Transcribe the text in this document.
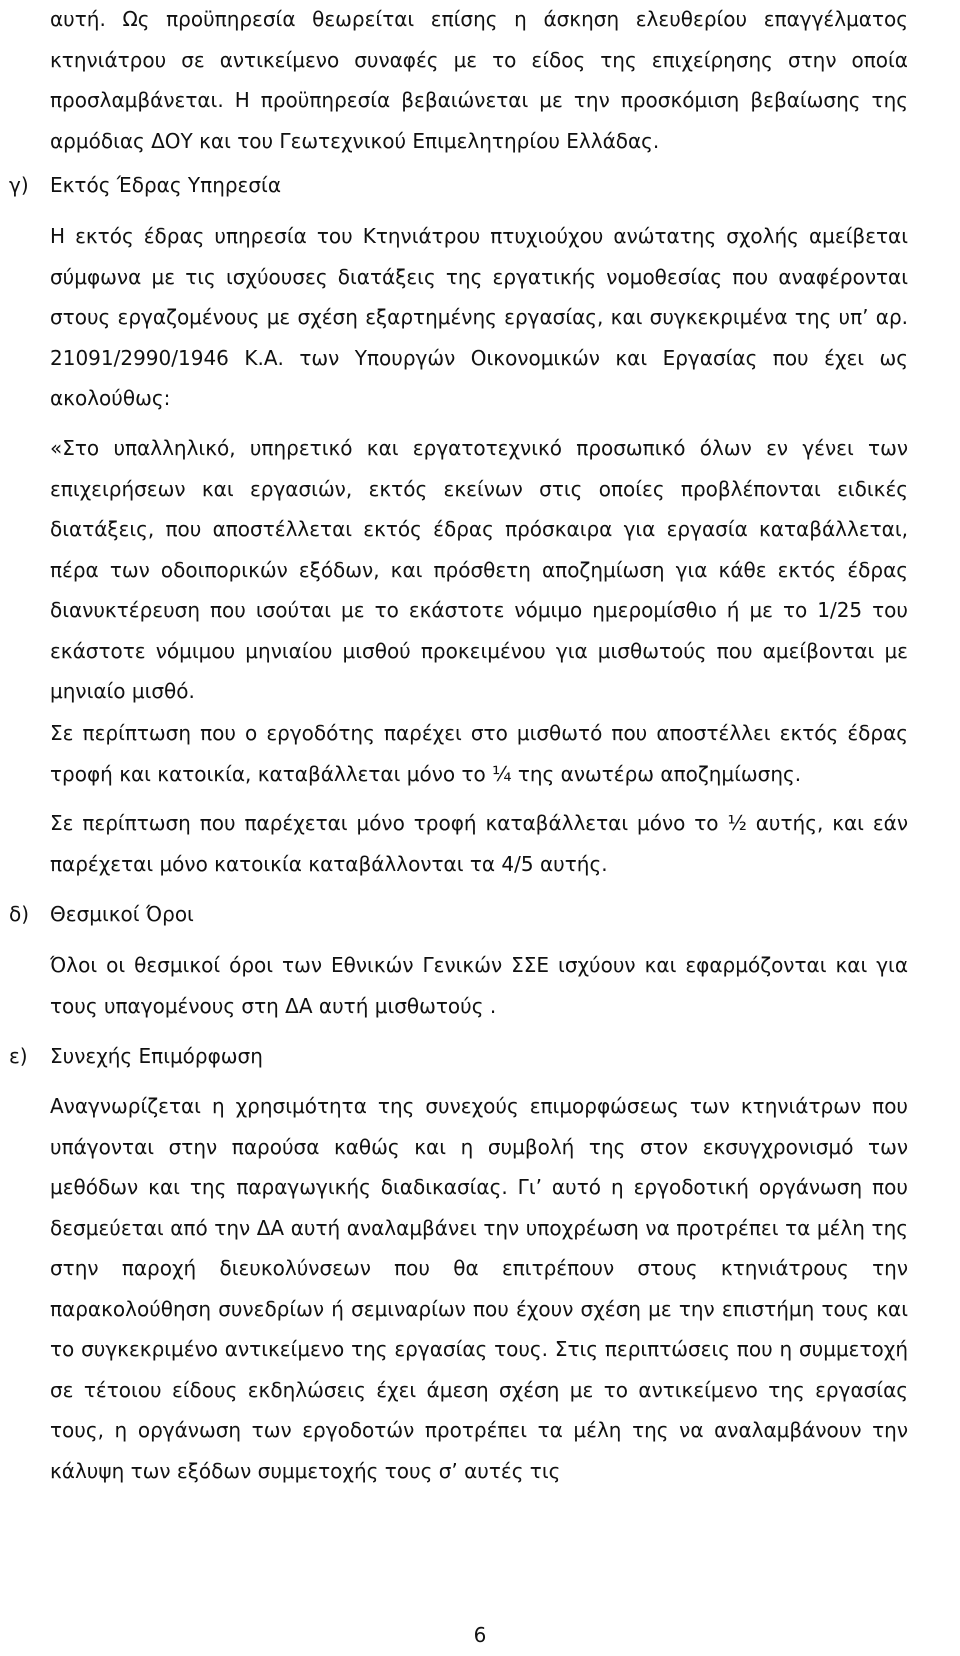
αυτή. Ως προϋπηρεσία θεωρείται επίσης η άσκηση ελευθερίου επαγγέλματος κτηνιάτρου σε αντικείμενο συναφές με το είδος της επιχείρησης στην οποία προσλαμβάνεται. Η προϋπηρεσία βεβαιώνεται με την προσκόμιση βεβαίωσης της αρμόδιας ΔΟΥ και του Γεωτεχνικού Επιμελητηρίου Ελλάδας.

γ) Εκτός Έδρας Υπηρεσία

Η εκτός έδρας υπηρεσία του Κτηνιάτρου πτυχιούχου ανώτατης σχολής αμείβεται σύμφωνα με τις ισχύουσες διατάξεις της εργατικής νομοθεσίας που αναφέρονται στους εργαζομένους με σχέση εξαρτημένης εργασίας, και συγκεκριμένα της υπ’ αρ. 21091/2990/1946 Κ.Α. των Υπουργών Οικονομικών και Εργασίας που έχει ως ακολούθως:

«Στο υπαλληλικό, υπηρετικό και εργατοτεχνικό προσωπικό όλων εν γένει των επιχειρήσεων και εργασιών, εκτός εκείνων στις οποίες προβλέπονται ειδικές διατάξεις, που αποστέλλεται εκτός έδρας πρόσκαιρα για εργασία καταβάλλεται, πέρα των οδοιπορικών εξόδων, και πρόσθετη αποζημίωση για κάθε εκτός έδρας διανυκτέρευση που ισούται με το εκάστοτε νόμιμο ημερομίσθιο ή με το 1/25 του εκάστοτε νόμιμου μηνιαίου μισθού προκειμένου για μισθωτούς που αμείβονται με μηνιαίο μισθό.

Σε περίπτωση που ο εργοδότης παρέχει στο μισθωτό που αποστέλλει εκτός έδρας τροφή και κατοικία, καταβάλλεται μόνο το ¼ της ανωτέρω αποζημίωσης.

Σε περίπτωση που παρέχεται μόνο τροφή καταβάλλεται μόνο το ½ αυτής, και εάν παρέχεται μόνο κατοικία καταβάλλονται τα 4/5 αυτής.

δ) Θεσμικοί Όροι

Όλοι οι θεσμικοί όροι των Εθνικών Γενικών ΣΣΕ ισχύουν και εφαρμόζονται και για τους υπαγομένους στη ΔΑ αυτή μισθωτούς .

ε) Συνεχής Επιμόρφωση

Αναγνωρίζεται η χρησιμότητα της συνεχούς επιμορφώσεως των κτηνιάτρων που υπάγονται στην παρούσα καθώς και η συμβολή της στον εκσυγχρονισμό των μεθόδων και της παραγωγικής διαδικασίας. Γι’ αυτό η εργοδοτική οργάνωση που δεσμεύεται από την ΔΑ αυτή αναλαμβάνει την υποχρέωση να προτρέπει τα μέλη της στην παροχή διευκολύνσεων που θα επιτρέπουν στους κτηνιάτρους την παρακολούθηση συνεδρίων ή σεμιναρίων που έχουν σχέση με την επιστήμη τους και το συγκεκριμένο αντικείμενο της εργασίας τους. Στις περιπτώσεις που η συμμετοχή σε τέτοιου είδους εκδηλώσεις έχει άμεση σχέση με το αντικείμενο της εργασίας τους, η οργάνωση των εργοδοτών προτρέπει τα μέλη της να αναλαμβάνουν την κάλυψη των εξόδων συμμετοχής τους σ’ αυτές τις

6
